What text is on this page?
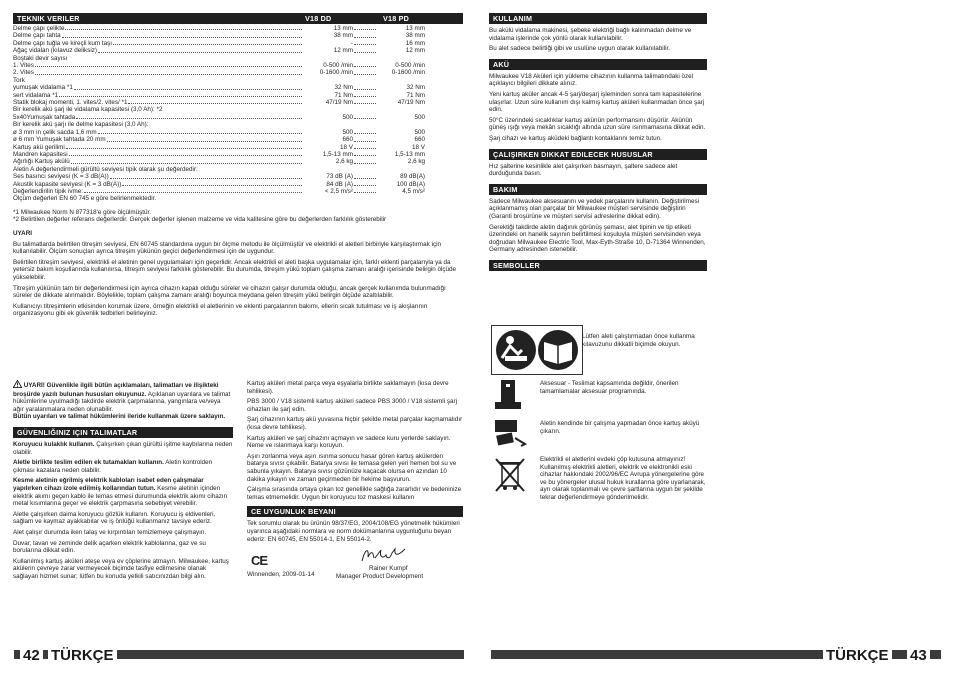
TEKNIK VERILER	V18 DD	V18 PD
Delme çapı çelikte	13 mm	13 mm
Delme çapı tahta	38 mm	38 mm
Delme çapı tuğla ve kireçli kum taşı	-	16 mm
Ağaç vidalan (kılavuz deliksiz)	12 mm	12 mm
Boştaki devir sayısı
1. Vites	0-500 /min	0-500 /min
2. Vites	0-1600 /min	0-1600 /min
Tork
yumuşak vidalama *1	32 Nm	32 Nm
sert vidalama *1	71 Nm	71 Nm
Statik blokaj momenti, 1. vites/2. vites/ *1	47/19 Nm	47/19 Nm
Bir kerelik akü şarj ile vidalama kapasitesi (3,0 Ah): *2
5x40Yumuşak tahtada	500	500
Bir kerelik akü şarjı ile delme kapasitesi (3,0 Ah):
ø 3 mm in çelik sacda 1,6 mm	500	500
ø 6 mm Yumuşak tahtada 20 mm	660	660
Kartuş akü gerilimi	18 V	18 V
Mandren kapasitesi	1,5-13 mm	1,5-13 mm
Ağırlığı Kartuş akülü	2,6 kg	2,6 kg
Aletin A değerlendirmeli gürültü seviyesi tipik olarak şu değerdedir:
Ses basıncı seviyesi (K = 3 dB(A))	73 dB (A)	89 dB(A)
Akustik kapasite seviyesi (K = 3 dB(A))	84 dB (A)	100 dB(A)
Değerlendirilin tipik ivme:	< 2,5 m/s²	4,5 m/s²
Ölçüm değerleri EN 60 745 e göre belirlenmektedir.

*1 Milwaukee Norm N 877318'e göre ölçülmüştür.

*2 Belirtilen değerler referans değerlerdir. Gerçek değerler işlenen malzeme ve vida kalitesine göre bu değerlerden farklılık gösterebilir

UYARI

Bu talimatlarda belirtilen titreşim seviyesi, EN 60745 standardına uygun bir ölçme metodu ile ölçülmüştür ve elektrikli el aletleri birbiriyle karşılaştırmak için kullanılabilir. Ölçüm sonuçları ayrıca titreşim yükünün geçici değerlendirmesi için de uygundur.

Belirtilen titreşim seviyesi, elektrikli el aletinin genel uygulamaları için geçerlidir. Ancak elektrikli el aleti başka uygulamalar için, farklı eklenti parçalarıyla ya da yetersiz bakım koşullarında kullanılırsa, titreşim seviyesi farklılık gösterebilir. Bu durumda, titreşim yükü toplam çalışma zamanı aralığı içerisinde belirgin ölçüde yükselebilir.

Titreşim yükünün tam bir değerlendirmesi için ayrıca cihazın kapalı olduğu süreler ve cihazın çalışır durumda olduğu, ancak gerçek kullanımda bulunmadığı süreler de dikkate alınmalıdır. Böylelikle, toplam çalışma zamanı aralığı boyunca meydana gelen titreşim yükü belirgin ölçüde azaltılabilir.

Kullanıcıyı titreşimlerin etkisinden korumak üzere, örneğin elektrikli el aletlerinin ve eklenti parçalarının bakımı, ellerin sıcak tutulması ve iş akışlarının organizasyonu gibi ek güvenlik tedbirleri belirleyiniz.

UYARI! Güvenlikle ilgili bütün açıklamaları, talimatları ve ilişikteki broşürde yazılı bulunan hususları okuyunuz. Açıklanan uyarılara ve talimat hükümlerine uyulmadığı takdirde elektrik çarpmalarına, yangınlara ve/veya ağır yaralanmalara neden olunabilir.

Bütün uyarıları ve talimat hükümlerini ileride kullanmak üzere saklayın.

GÜVENLIĞINIZ IÇIN TALIMATLAR

Koruyucu kulaklık kullanın. Çalışırken çıkan gürültü işitme kaybılarına neden olabilir.

Aletle birlikte teslim edilen ek tutamakları kullanın. Aletin kontrolden çıkması kazalara neden olabilir.

Kesme aletinin eğrilmiş elektrik kabloları isabet eden çalışmalar yapılırken cihazı izole edilmiş kollarından tutun. Kesme aletinin içinden elektrik akımı geçen kablo ile temas etmesi durumunda elektrik akımı cihazın metal kısımlarına geçer ve elektrik çarpmasına sebebiyet verebilir.

Aletle çalışırken daima koruyucu gözlük kullanın. Koruyucu iş eldivenleri, sağlam ve kaymaz ayakkabılar ve iş önlüğü kullanmanız tavsiye ederiz.

Alet çalışır durumda iken talaş ve kırpıntıları temizlemeye çalışmayın.

Duvar, tavan ve zeminde delik açarken elektrik kablolarına, gaz ve su borularına dikkat edin.

Kullanılmış kartuş aküleri ateşe veya ev çöplerine atmayın. Milwaukee, kartuş akülerin çevreye zarar vermeyecek biçimde tasfiye edilmesine olanak sağlayan hizmet sunar; lütfen bu konuda yetkili satıcınızdan bilgi alın.

Kartuş aküleri metal parça veya eşyalarla birlikte saklamayın (kısa devre tehlikesi).

PBS 3000 / V18 sistemli kartuş aküleri sadece PBS 3000 / V18 sistemli şarj cihazları ile şarj edin.

Şarj cihazının kartuş akü yuvasına hiçbir şekilde metal parçalar kaçmamalıdır (kısa devre tehlikesi).

Kartuş aküleri ve şarj cihazını açmayın ve sadece kuru yerlerde saklayın. Neme ve ıslanmaya karşı koruyun.

Aşırı zorlanma veya aşırı ısınma sonucu hasar gören kartuş akülerden batarya sıvısı çıkabilir. Batarya sıvısı ile temasa gelen yeri hemen bol su ve sabunla yıkayın. Batarya sıvısı gözünüze kaçacak olursa en azından 10 dakika yıkayın ve zaman geçirmeden bir hekime başvurun.

Çalışma sırasında ortaya çıkan toz genellikle sağlığa zararlıdır ve bedeninize temas etmemelidir. Uygun bir koruyucu toz maskesi kullanın

CE UYGUNLUK BEYANI

Tek sorumlu olarak bu ürünün 98/37/EG, 2004/108/EG yönetmelik hükümleri uyarınca aşağıdaki normlara ve norm dokümanlarına uygunluğunu beyan ederiz: EN 60745, EN 55014-1, EN 55014-2.

CE
Winnenden, 2009-01-14
Rainer Kumpf
Manager Product Development
42 TÜRKÇE
KULLANIM

Bu akülü vidalama makinesi, şebeke elektriği bağlı kalınmadan delme ve vidalama işlerinde çok yönlü olarak kullanılabilir.

Bu alet sadece belirtiği gibi ve usulüne uygun olarak kullanılabilir.

AKÜ

Milwaukee V18 Aküleri için yükleme cihazının kullanma talimatındaki özel açıklayıcı bilgileri dikkate alınız.

Yeni kartuş aküler ancak 4-5 şarj/deşarj işleminden sonra tam kapasitelerine ulaşırlar. Uzun süre kullanım dışı kalmış kartuş aküleri kullanmadan önce şarj edin.

50°C üzerindeki sıcaklıklar kartuş akünün performansını düşürür. Akünün güneş ışığı veya mekân sıcaklığı altında uzun süre ısınmamasına dikkat edin.

Şarj cihazı ve kartuş aküdeki bağlantı kontaklarını temiz tutun.

ÇALIŞIRKEN DIKKAT EDILECEK HUSUSLAR

Hız şalterine kesinlikle alet çalışırken basmayın, şaltere sadece alet durduğunda basın.

BAKIM

Sadece Milwaukee aksesuarını ve yedek parçalarını kullanın. Değiştirilmesi açıklanmamış olan parçalar bir Milwaukee müşteri servisinde değiştirin (Garanti broşürüne ve müşteri servisi adreslerine dikkat edin).

Gerektiği takdirde aletin dağınık görünüş şeması, alet tipinin ve tip etiketi üzerindeki on hanelik sayının belirtilmesi koşuluyla müşteri servisinden veya doğrudan Milwaukee Electric Tool, Max-Eyth-Straße 10, D-71364 Winnenden, Germany adresinden istenebilir.

SEMBOLLER

Lütfen aleti çalıştırmadan önce kullanma kılavuzunu dikkatli biçimde okuyun.

Aksesuar - Teslimat kapsamında değildir, önerilen tamamlamalar aksesuar programında.

Aletin kendinde bir çalışma yapmadan önce kartuş aküyü çıkarın.

Elektrikli el aletlerini evdeki çöp kutusuna atmayınız! Kullanılmış elektrikli aletleri, elektrik ve elektronikli eski cihazlar hakkındaki 2002/96/EC Avrupa yönergelerine göre ve bu yönergeler ulusal hukuk kurallarına göre uyarlanarak, ayrı olarak toplanmalı ve çevre şartlarına uygun bir şekilde tekrar değerlendirmeye gönderilmelidir.

TÜRKÇE 43
